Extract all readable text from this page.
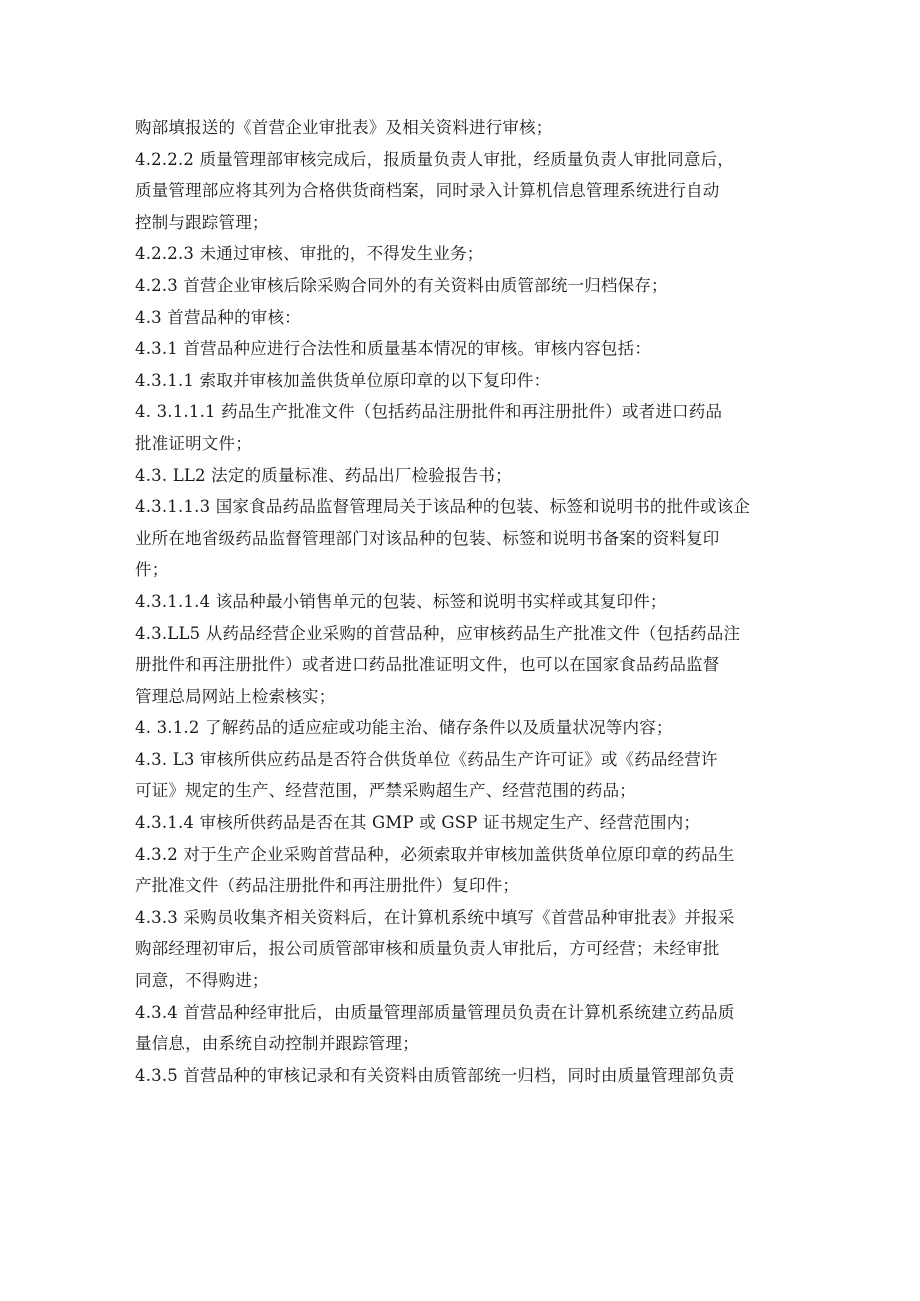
购部填报送的《首营企业审批表》及相关资料进行审核；
4.2.2.2 质量管理部审核完成后，报质量负责人审批，经质量负责人审批同意后，
质量管理部应将其列为合格供货商档案，同时录入计算机信息管理系统进行自动
控制与跟踪管理；
4.2.2.3 未通过审核、审批的，不得发生业务；
4.2.3 首营企业审核后除采购合同外的有关资料由质管部统一归档保存；
4.3 首营品种的审核：
4.3.1 首营品种应进行合法性和质量基本情况的审核。审核内容包括：
4.3.1.1 索取并审核加盖供货单位原印章的以下复印件：
4. 3.1.1.1 药品生产批准文件（包括药品注册批件和再注册批件）或者进口药品
批准证明文件；
4.3. LL2 法定的质量标准、药品出厂检验报告书；
4.3.1.1.3 国家食品药品监督管理局关于该品种的包装、标签和说明书的批件或该企
业所在地省级药品监督管理部门对该品种的包装、标签和说明书备案的资料复印
件；
4.3.1.1.4 该品种最小销售单元的包装、标签和说明书实样或其复印件；
4.3.LL5 从药品经营企业采购的首营品种，应审核药品生产批准文件（包括药品注
册批件和再注册批件）或者进口药品批准证明文件，也可以在国家食品药品监督
管理总局网站上检索核实；
4. 3.1.2 了解药品的适应症或功能主治、储存条件以及质量状况等内容；
4.3. L3 审核所供应药品是否符合供货单位《药品生产许可证》或《药品经营许
可证》规定的生产、经营范围，严禁采购超生产、经营范围的药品；
4.3.1.4 审核所供药品是否在其 GMP 或 GSP 证书规定生产、经营范围内；
4.3.2 对于生产企业采购首营品种，必须索取并审核加盖供货单位原印章的药品生
产批准文件（药品注册批件和再注册批件）复印件；
4.3.3 采购员收集齐相关资料后，在计算机系统中填写《首营品种审批表》并报采
购部经理初审后，报公司质管部审核和质量负责人审批后，方可经营；未经审批
同意，不得购进；
4.3.4 首营品种经审批后，由质量管理部质量管理员负责在计算机系统建立药品质
量信息，由系统自动控制并跟踪管理；
4.3.5 首营品种的审核记录和有关资料由质管部统一归档，同时由质量管理部负责
